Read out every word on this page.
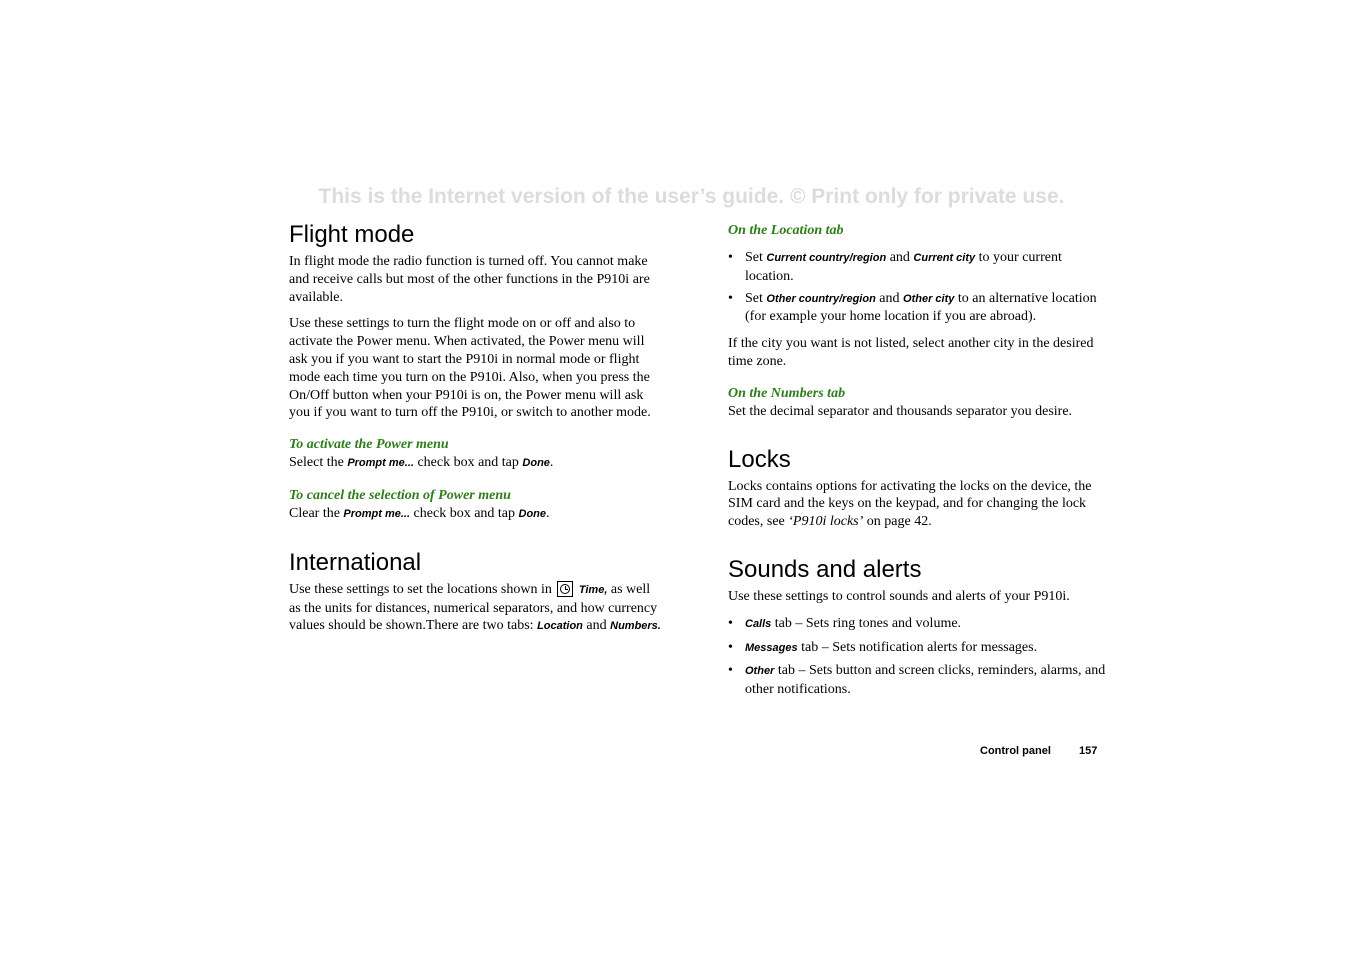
This is the Internet version of the user’s guide. © Print only for private use.
Flight mode

In flight mode the radio function is turned off. You cannot make and receive calls but most of the other functions in the P910i are available.

Use these settings to turn the flight mode on or off and also to activate the Power menu. When activated, the Power menu will ask you if you want to start the P910i in normal mode or flight mode each time you turn on the P910i. Also, when you press the On/Off button when your P910i is on, the Power menu will ask you if you want to turn off the P910i, or switch to another mode.

To activate the Power menu

Select the Prompt me... check box and tap Done.

To cancel the selection of Power menu

Clear the Prompt me... check box and tap Done.

International

Use these settings to set the locations shown in
Time, as well as the units for distances, numerical separators, and how currency values should be shown.There are two tabs: Location and Numbers.

On the Location tab

• Set Current country/region and Current city to your current location.
• Set Other country/region and Other city to an alternative location (for example your home location if you are abroad).

If the city you want is not listed, select another city in the desired time zone.

On the Numbers tab

Set the decimal separator and thousands separator you desire.

Locks

Locks contains options for activating the locks on the device, the SIM card and the keys on the keypad, and for changing the lock codes, see ‘P910i locks’ on page 42.

Sounds and alerts

Use these settings to control sounds and alerts of your P910i.

• Calls tab – Sets ring tones and volume.
• Messages tab – Sets notification alerts for messages.
• Other tab – Sets button and screen clicks, reminders, alarms, and other notifications.
Control panel	157
